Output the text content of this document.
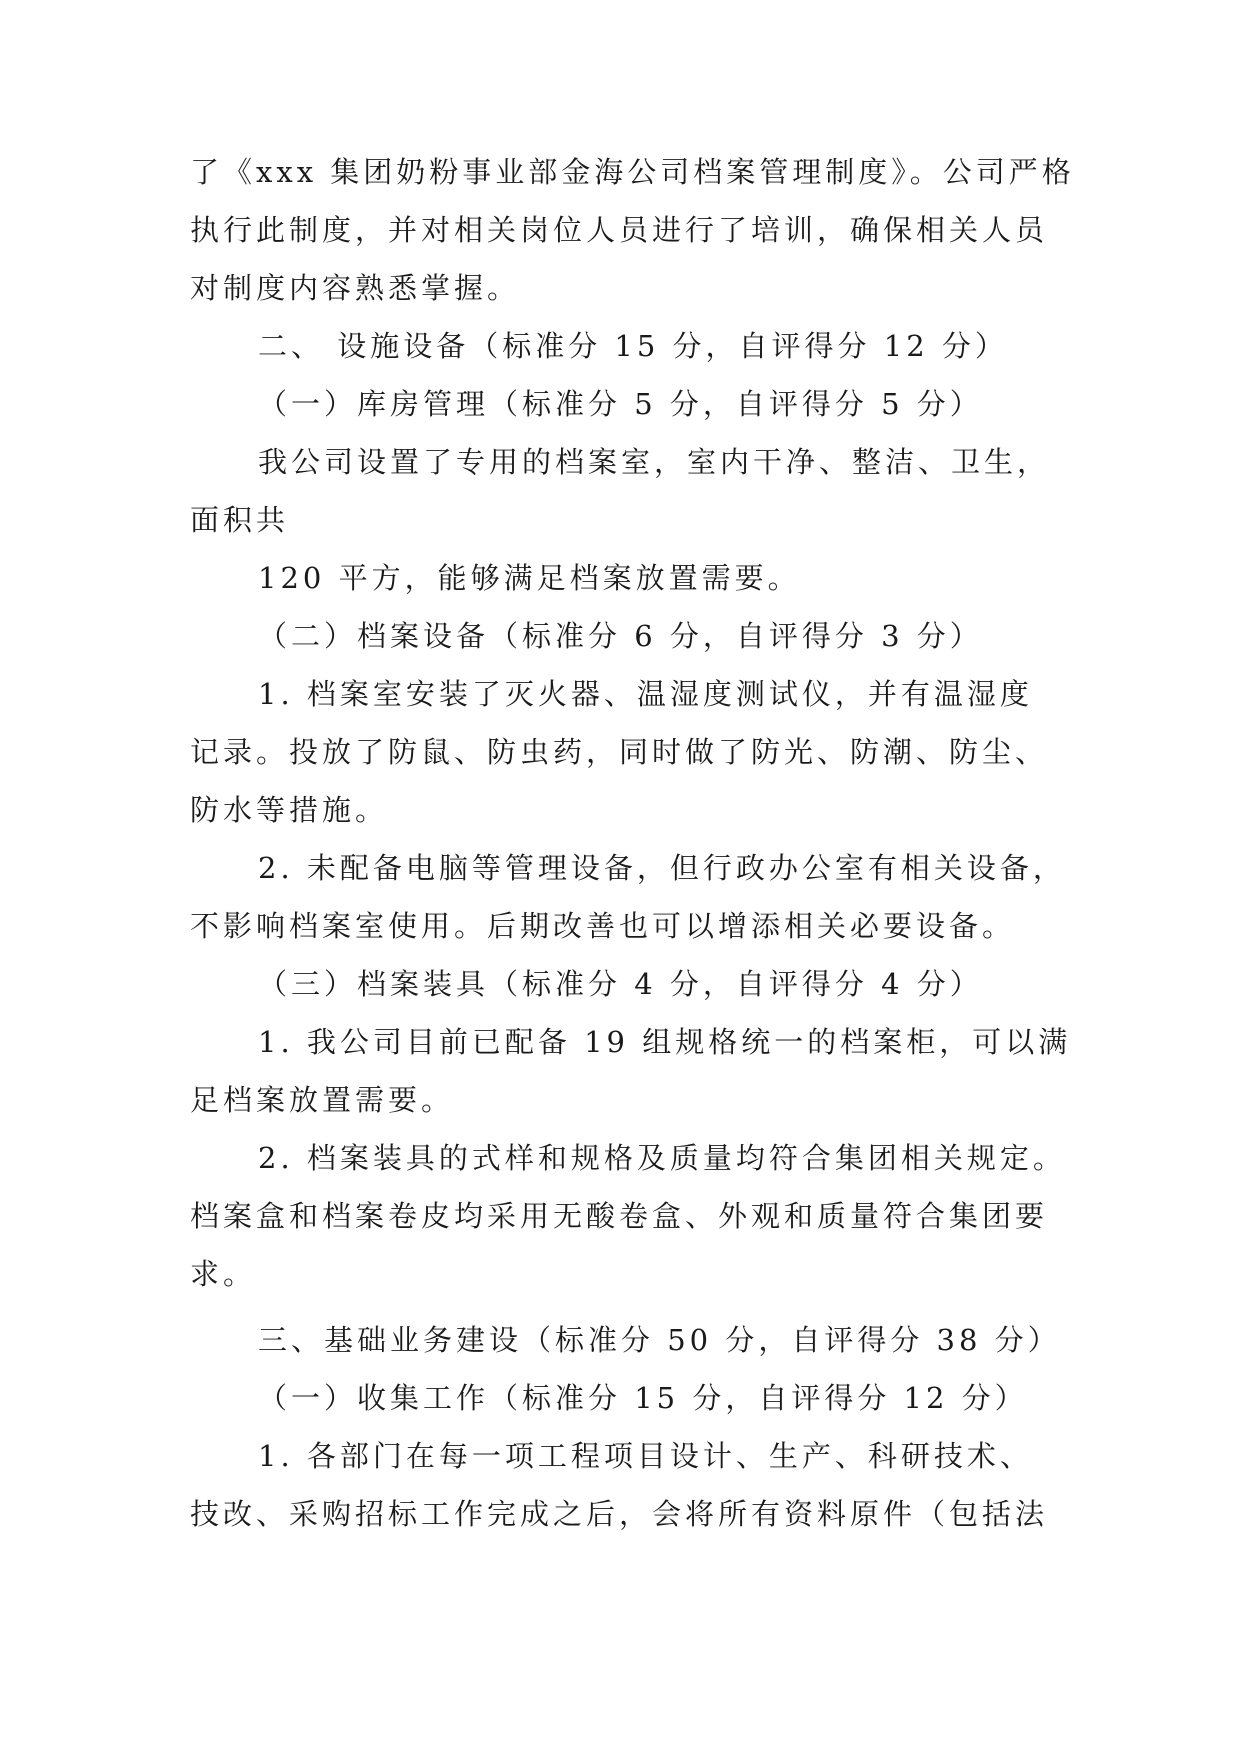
了《xxx 集团奶粉事业部金海公司档案管理制度》。公司严格

执行此制度，并对相关岗位人员进行了培训，确保相关人员

对制度内容熟悉掌握。

二、 设施设备（标准分 15 分，自评得分 12 分）

（一）库房管理（标准分 5 分，自评得分 5 分）

我公司设置了专用的档案室，室内干净、整洁、卫生，

面积共

120 平方，能够满足档案放置需要。

（二）档案设备（标准分 6 分，自评得分 3 分）

1. 档案室安装了灭火器、温湿度测试仪，并有温湿度

记录。投放了防鼠、防虫药，同时做了防光、防潮、防尘、

防水等措施。

2. 未配备电脑等管理设备，但行政办公室有相关设备，

不影响档案室使用。后期改善也可以增添相关必要设备。

（三）档案装具（标准分 4 分，自评得分 4 分）

1. 我公司目前已配备 19 组规格统一的档案柜，可以满

足档案放置需要。

2. 档案装具的式样和规格及质量均符合集团相关规定。

档案盒和档案卷皮均采用无酸卷盒、外观和质量符合集团要

求。

三、基础业务建设（标准分 50 分，自评得分 38 分）

（一）收集工作（标准分 15 分，自评得分 12 分）

1. 各部门在每一项工程项目设计、生产、科研技术、

技改、采购招标工作完成之后，会将所有资料原件（包括法
